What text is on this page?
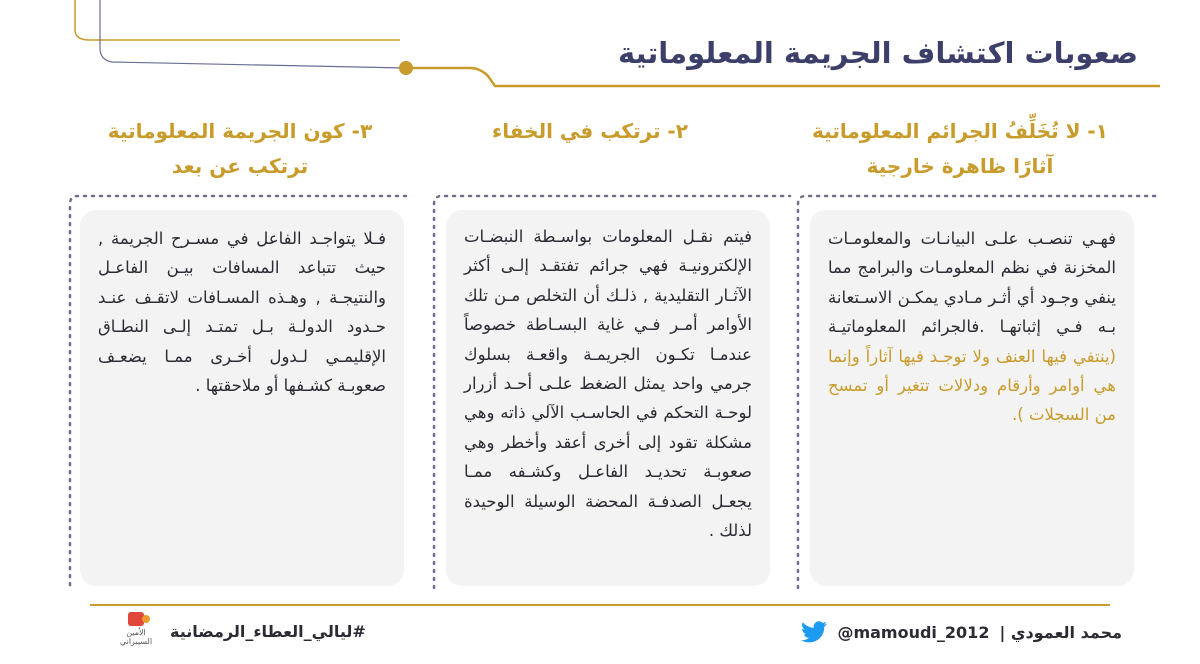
صعوبات اكتشاف الجريمة المعلوماتية
١- لا تُخَلِّفُ الجرائم المعلوماتية
آثارًا ظاهرة خارجية

فهـي تنصـب علـى البيانـات والمعلومـات المخزنة في نظم المعلومـات والبرامج مما ينفي وجـود أي أثـر مـادي يمكـن الاسـتعانة بـه فـي إثباتهـا .فالجرائم المعلوماتيـة (ينتفي فيها العنف ولا توجـد فيها آثاراً وإنما هي أوامر وأرقام ودلالات تتغير أو تمسح من السجلات ).

٢- ترتكب في الخفاء

فيتم نقـل المعلومات بواسـطة النبضـات الإلكترونيـة فهي جرائم تفتقـد إلـى أكثر الآثـار التقليدية , ذلـك أن التخلص مـن تلك الأوامر أمـر فـي غاية البسـاطة خصوصاً عندمـا تكـون الجريمـة واقعـة بسلوك جرمي واحد يمثل الضغط علـى أحـد أزرار لوحـة التحكم في الحاسـب الآلي ذاته وهي مشكلة تقود إلى أخرى أعقد وأخطر وهي صعوبـة تحديـد الفاعـل وكشـفه ممـا يجعـل الصدفـة المحضة الوسيلة الوحيدة لذلك .

٣- كون الجريمة المعلوماتية
ترتكب عن بعد

فـلا يتواجـد الفاعل في مسـرح الجريمة , حيث تتباعد المسافات بيـن الفاعـل والنتيجـة , وهـذه المسـافات لاتقـف عنـد حـدود الدولـة بـل تمتـد إلـى النطـاق الإقليمـي لـدول أخـرى ممـا يضعـف صعوبـة كشـفها أو ملاحقتها .

محمد العمودي |
@mamoudi_2012
#ليالي_العطاء_الرمضانية
الأمين السيبراني
